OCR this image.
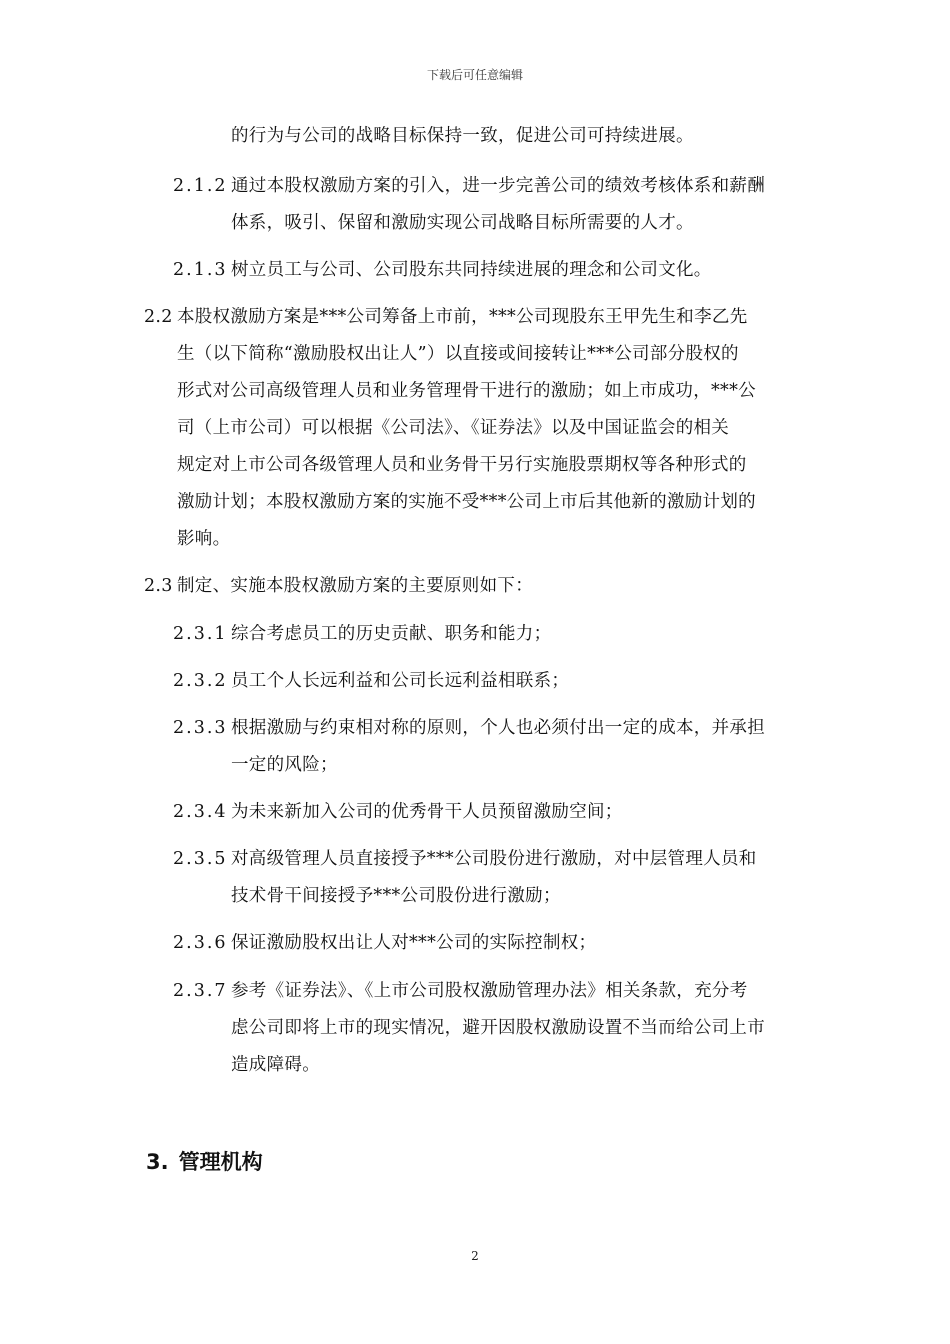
下载后可任意编辑
的行为与公司的战略目标保持一致，促进公司可持续进展。
2.1.2 通过本股权激励方案的引入，进一步完善公司的绩效考核体系和薪酬
体系，吸引、保留和激励实现公司战略目标所需要的人才。
2.1.3 树立员工与公司、公司股东共同持续进展的理念和公司文化。
2.2 本股权激励方案是***公司筹备上市前，***公司现股东王甲先生和李乙先
生（以下简称“激励股权出让人”）以直接或间接转让***公司部分股权的
形式对公司高级管理人员和业务管理骨干进行的激励；如上市成功，***公
司（上市公司）可以根据《公司法》、《证券法》以及中国证监会的相关
规定对上市公司各级管理人员和业务骨干另行实施股票期权等各种形式的
激励计划；本股权激励方案的实施不受***公司上市后其他新的激励计划的
影响。
2.3 制定、实施本股权激励方案的主要原则如下：
2.3.1 综合考虑员工的历史贡献、职务和能力；
2.3.2 员工个人长远利益和公司长远利益相联系；
2.3.3 根据激励与约束相对称的原则，个人也必须付出一定的成本，并承担
一定的风险；
2.3.4 为未来新加入公司的优秀骨干人员预留激励空间；
2.3.5 对高级管理人员直接授予***公司股份进行激励，对中层管理人员和
技术骨干间接授予***公司股份进行激励；
2.3.6 保证激励股权出让人对***公司的实际控制权；
2.3.7 参考《证券法》、《上市公司股权激励管理办法》相关条款，充分考
虑公司即将上市的现实情况，避开因股权激励设置不当而给公司上市
造成障碍。
3. 管理机构
2
